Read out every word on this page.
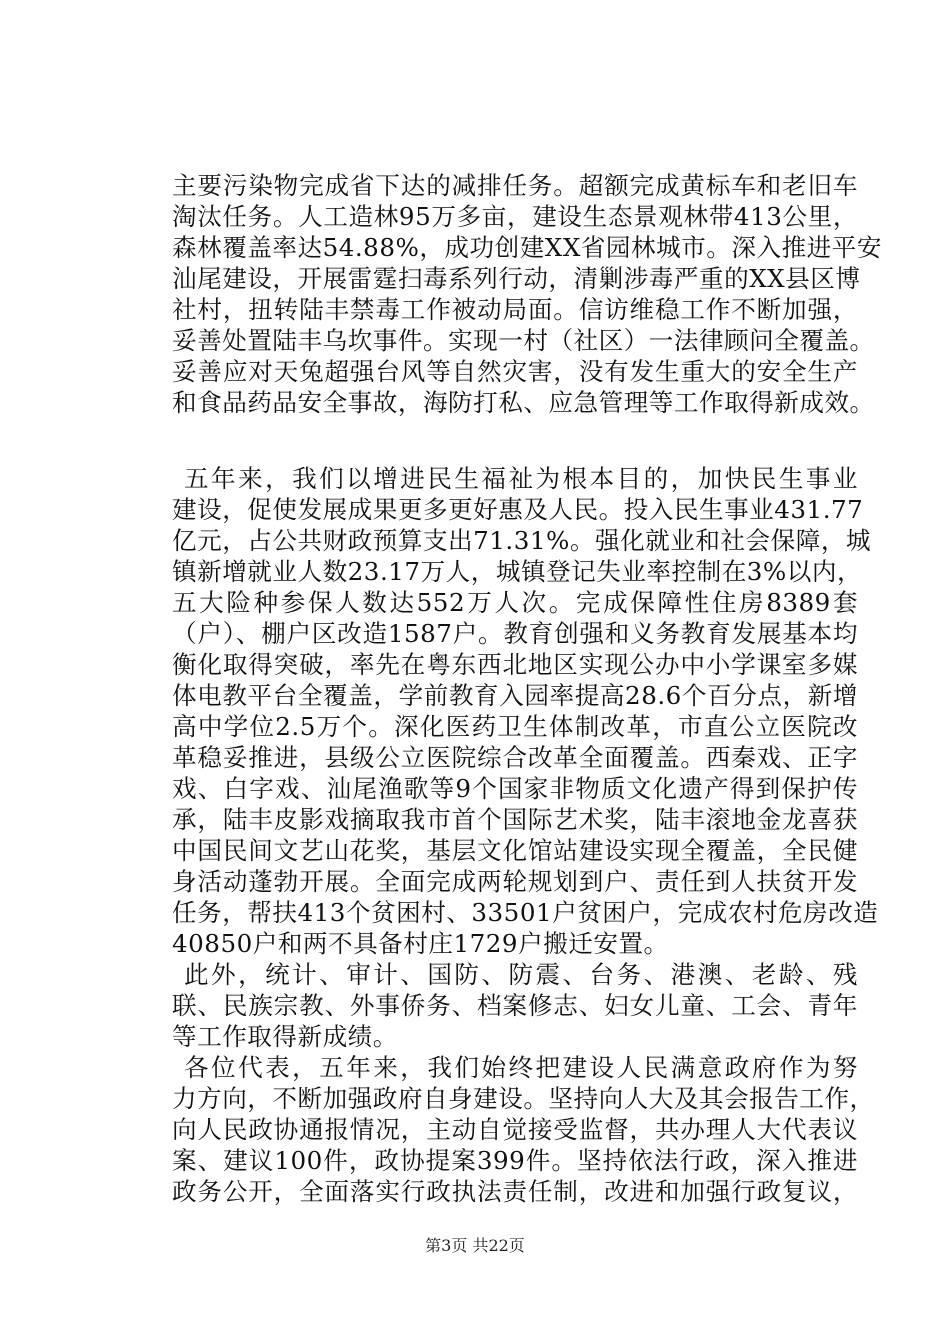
主要污染物完成省下达的减排任务。超额完成黄标车和老旧车
淘汰任务。人工造林95万多亩，建设生态景观林带413公里，
森林覆盖率达54.88%，成功创建XX省园林城市。深入推进平安
汕尾建设，开展雷霆扫毒系列行动，清剿涉毒严重的XX县区博
社村，扭转陆丰禁毒工作被动局面。信访维稳工作不断加强，
妥善处置陆丰乌坎事件。实现一村（社区）一法律顾问全覆盖。
妥善应对天兔超强台风等自然灾害，没有发生重大的安全生产
和食品药品安全事故，海防打私、应急管理等工作取得新成效。
五年来，我们以增进民生福祉为根本目的，加快民生事业
建设，促使发展成果更多更好惠及人民。投入民生事业431.77
亿元，占公共财政预算支出71.31%。强化就业和社会保障，城
镇新增就业人数23.17万人，城镇登记失业率控制在3%以内，
五大险种参保人数达552万人次。完成保障性住房8389套
（户）、棚户区改造1587户。教育创强和义务教育发展基本均
衡化取得突破，率先在粤东西北地区实现公办中小学课室多媒
体电教平台全覆盖，学前教育入园率提高28.6个百分点，新增
高中学位2.5万个。深化医药卫生体制改革，市直公立医院改
革稳妥推进，县级公立医院综合改革全面覆盖。西秦戏、正字
戏、白字戏、汕尾渔歌等9个国家非物质文化遗产得到保护传
承，陆丰皮影戏摘取我市首个国际艺术奖，陆丰滚地金龙喜获
中国民间文艺山花奖，基层文化馆站建设实现全覆盖，全民健
身活动蓬勃开展。全面完成两轮规划到户、责任到人扶贫开发
任务，帮扶413个贫困村、33501户贫困户，完成农村危房改造
40850户和两不具备村庄1729户搬迁安置。
此外，统计、审计、国防、防震、台务、港澳、老龄、残
联、民族宗教、外事侨务、档案修志、妇女儿童、工会、青年
等工作取得新成绩。
各位代表，五年来，我们始终把建设人民满意政府作为努
力方向，不断加强政府自身建设。坚持向人大及其会报告工作，
向人民政协通报情况，主动自觉接受监督，共办理人大代表议
案、建议100件，政协提案399件。坚持依法行政，深入推进
政务公开，全面落实行政执法责任制，改进和加强行政复议，
第3页 共22页
